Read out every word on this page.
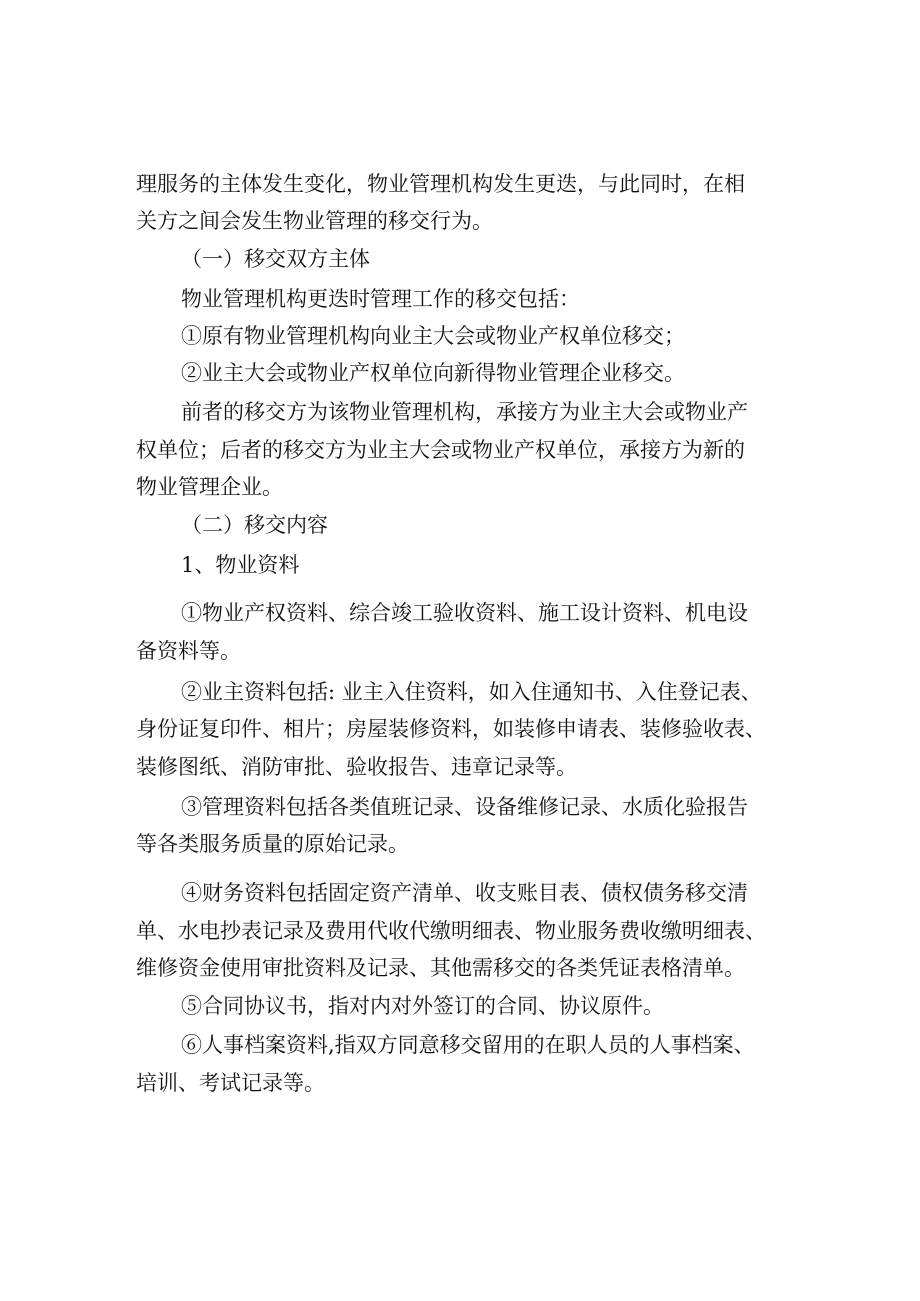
理服务的主体发生变化，物业管理机构发生更迭，与此同时，在相
关方之间会发生物业管理的移交行为。
（一）移交双方主体
物业管理机构更迭时管理工作的移交包括：
①原有物业管理机构向业主大会或物业产权单位移交；
②业主大会或物业产权单位向新得物业管理企业移交。
前者的移交方为该物业管理机构，承接方为业主大会或物业产
权单位；后者的移交方为业主大会或物业产权单位，承接方为新的
物业管理企业。
（二）移交内容
1、物业资料
①物业产权资料、综合竣工验收资料、施工设计资料、机电设
备资料等。
②业主资料包括: 业主入住资料，如入住通知书、入住登记表、
身份证复印件、相片；房屋装修资料，如装修申请表、装修验收表、
装修图纸、消防审批、验收报告、违章记录等。
③管理资料包括各类值班记录、设备维修记录、水质化验报告
等各类服务质量的原始记录。
④财务资料包括固定资产清单、收支账目表、债权债务移交清
单、水电抄表记录及费用代收代缴明细表、物业服务费收缴明细表、
维修资金使用审批资料及记录、其他需移交的各类凭证表格清单。
⑤合同协议书，指对内对外签订的合同、协议原件。
⑥人事档案资料,指双方同意移交留用的在职人员的人事档案、
培训、考试记录等。
